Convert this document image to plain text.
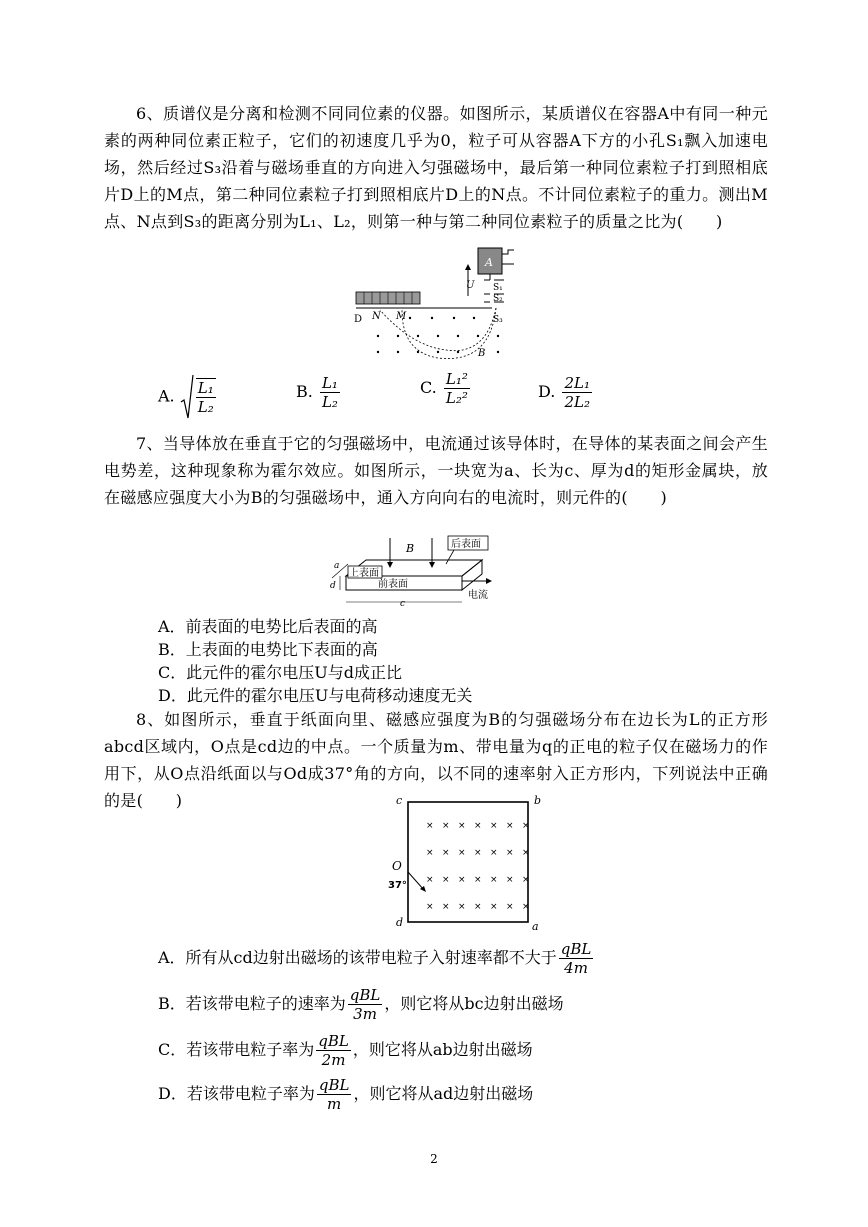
6、质谱仪是分离和检测不同同位素的仪器。如图所示，某质谱仪在容器A中有同一种元素的两种同位素正粒子，它们的初速度几乎为0，粒子可从容器A下方的小孔S₁飘入加速电场，然后经过S₃沿着与磁场垂直的方向进入匀强磁场中，最后第一种同位素粒子打到照相底片D上的M点，第二种同位素粒子打到照相底片D上的N点。不计同位素粒子的重力。测出M点、N点到S₃的距离分别为L₁、L₂，则第一种与第二种同位素粒子的质量之比为(　　)
A
U S₁
S₂
D N M	S₃
B
A. $\frac{\text{L₁}}{\text{L₂}}$	B. $\frac{\text{L₁}}{\text{L₂}}$	C. $\frac{\text{L₁²}}{\text{L₂²}}$	D. $\frac{\text{2L₁}}{\text{2L₂}}$
7、当导体放在垂直于它的匀强磁场中，电流通过该导体时，在导体的某表面之间会产生电势差，这种现象称为霍尔效应。如图所示，一块宽为a、长为c、厚为d的矩形金属块，放在磁感应强度大小为B的匀强磁场中，通入方向向右的电流时，则元件的(　　)
B	后表面
上表面
前表面
电流
c
a
d
A．前表面的电势比后表面的高
B．上表面的电势比下表面的高
C．此元件的霍尔电压U与d成正比
D．此元件的霍尔电压U与电荷移动速度无关
8、如图所示，垂直于纸面向里、磁感应强度为B的匀强磁场分布在边长为L的正方形abcd区域内，O点是cd边的中点。一个质量为m、带电量为q的正电的粒子仅在磁场力的作用下，从O点沿纸面以与Od成37°角的方向，以不同的速率射入正方形内，下列说法中正确的是(　　)	c	b
d	a
O
37°
× × × × × × ×
× × × × × × ×
× × × × × × ×
× × × × × × ×
A．所有从cd边射出磁场的该带电粒子入射速率都不大于 $\frac{\text{qBL}}{4m}$
B．若该带电粒子的速率为 $\frac{\text{qBL}}{3m}$ ，则它将从bc边射出磁场
C．若该带电粒子率为 $\frac{\text{qBL}}{2m}$ ，则它将从ab边射出磁场
D．若该带电粒子率为 $\frac{\text{qBL}}{m}$ ，则它将从ad边射出磁场
2
